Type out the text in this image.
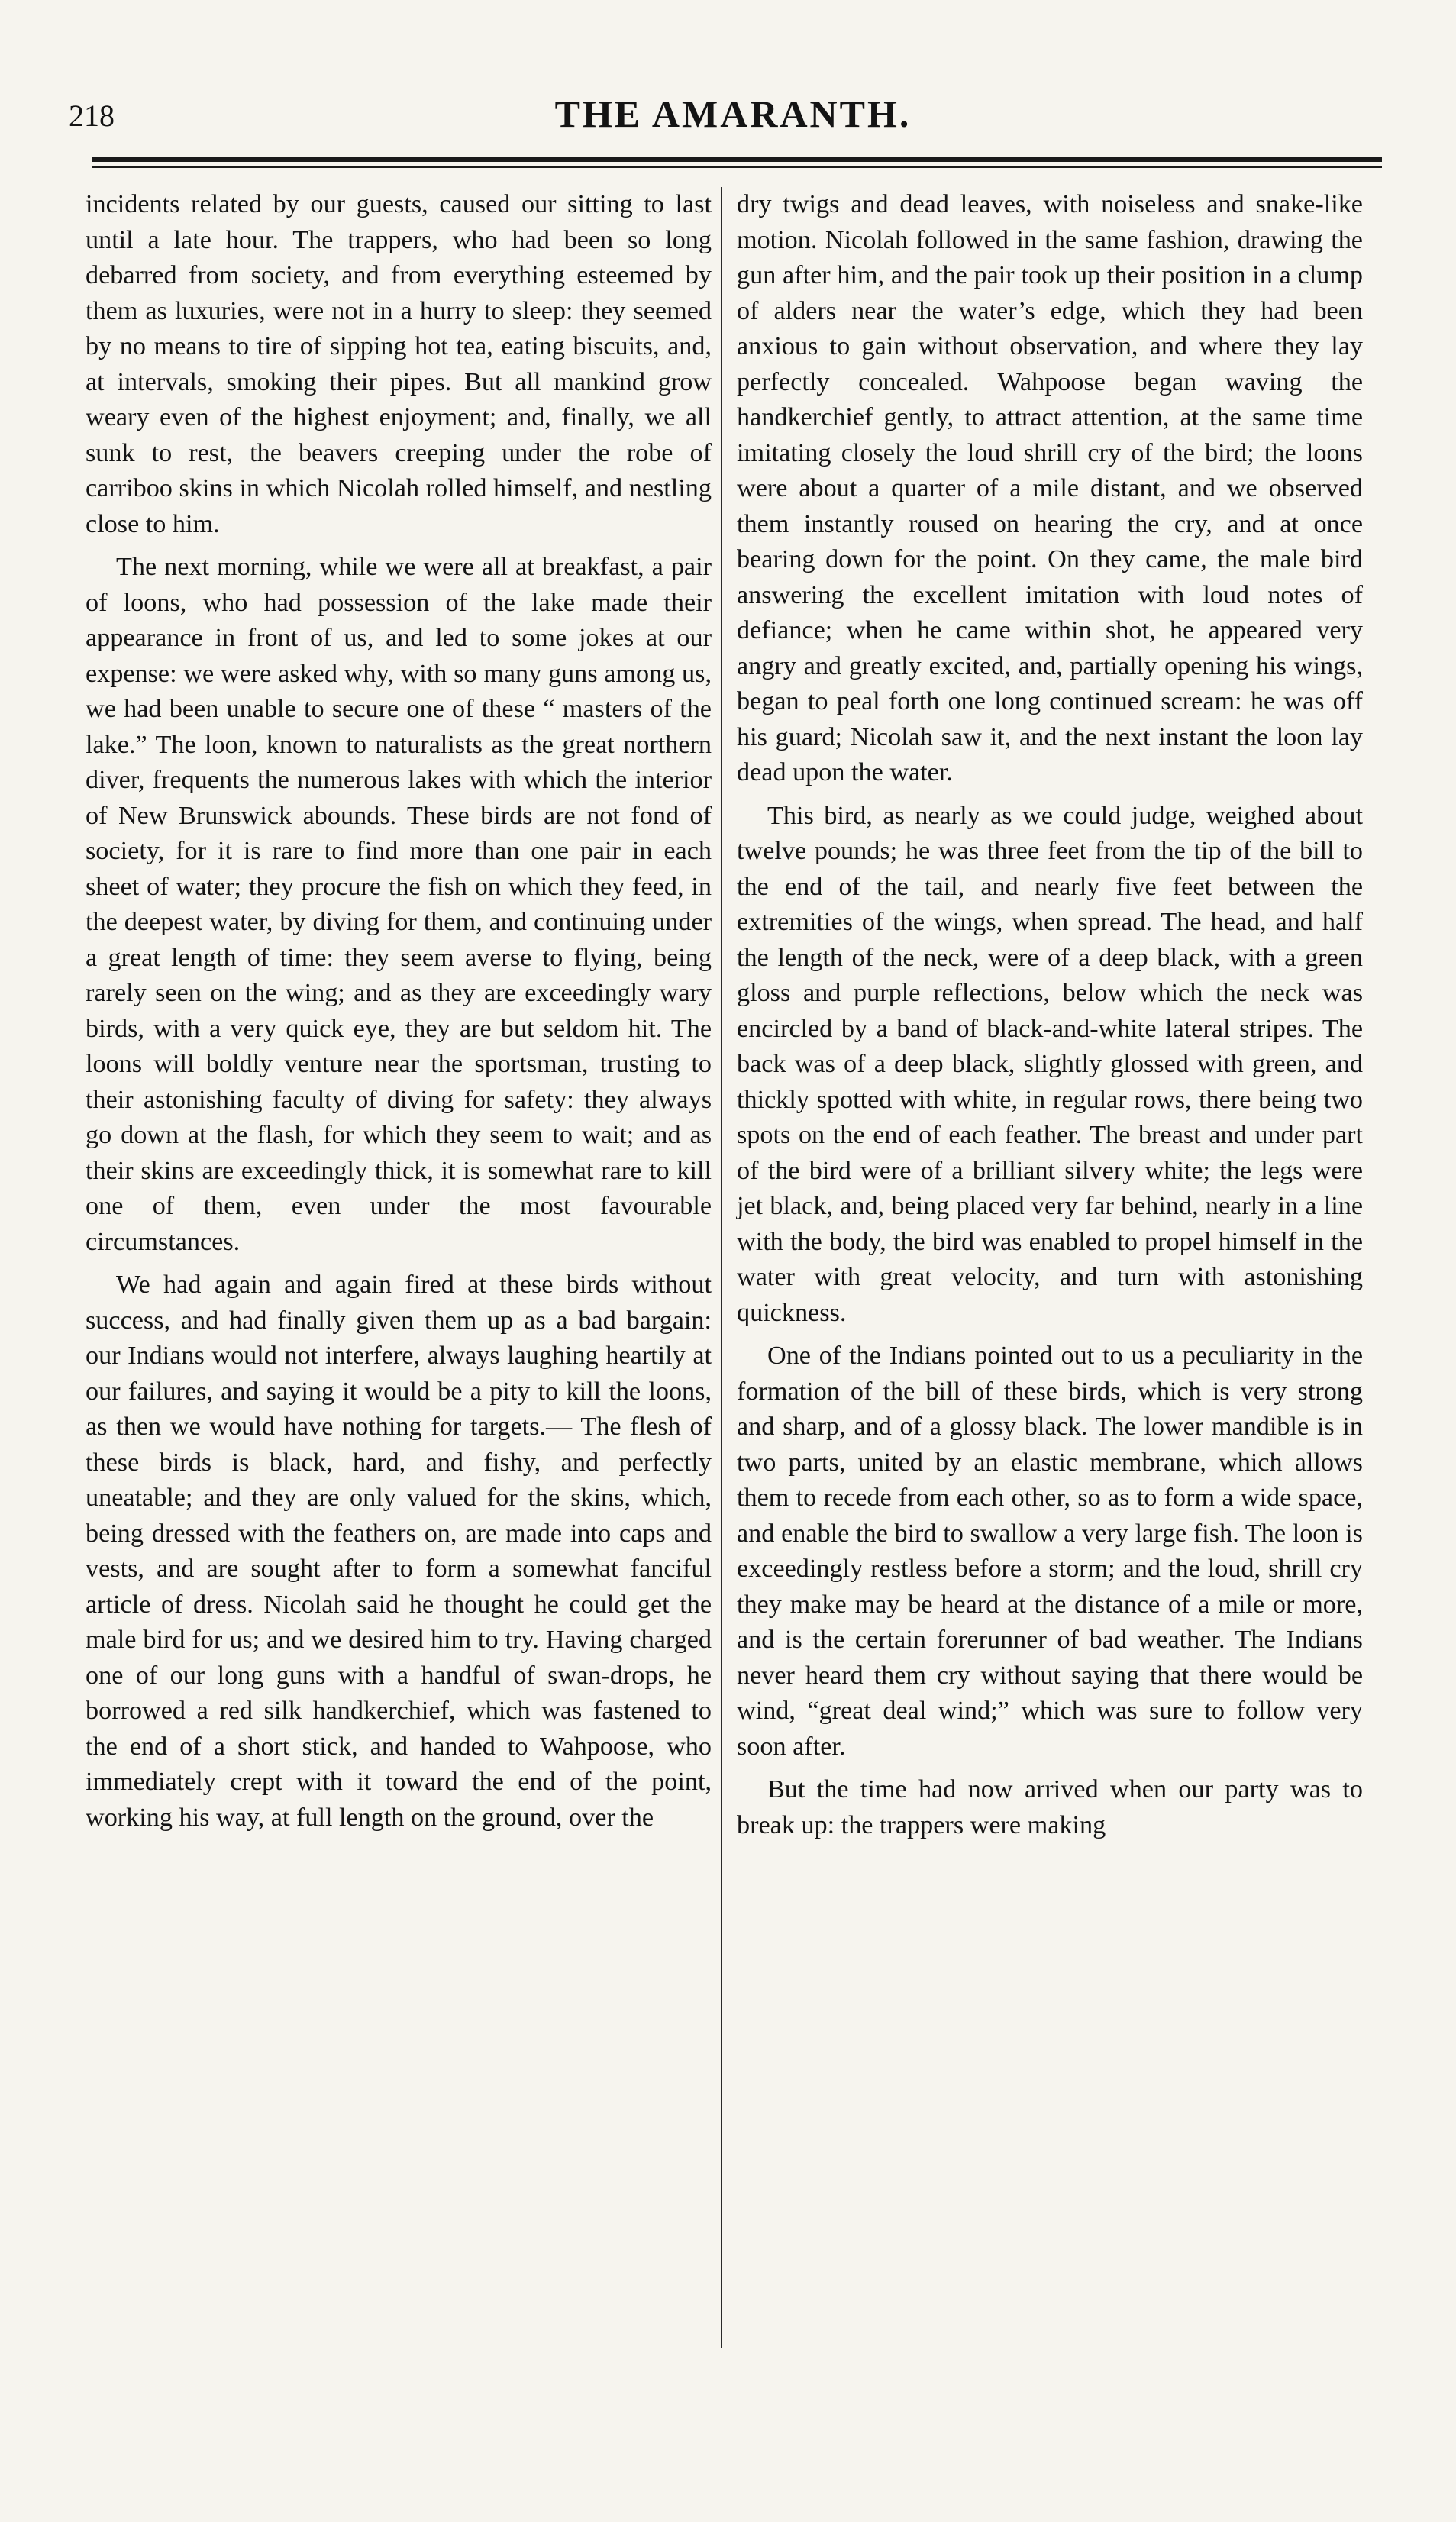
218	THE AMARANTH.

incidents related by our guests, caused our sitting to last until a late hour. The trappers, who had been so long debarred from society, and from everything esteemed by them as luxuries, were not in a hurry to sleep: they seemed by no means to tire of sipping hot tea, eating biscuits, and, at intervals, smoking their pipes. But all mankind grow weary even of the highest enjoyment; and, finally, we all sunk to rest, the beavers creeping under the robe of carriboo skins in which Nicolah rolled himself, and nestling close to him.

The next morning, while we were all at breakfast, a pair of loons, who had possession of the lake made their appearance in front of us, and led to some jokes at our expense: we were asked why, with so many guns among us, we had been unable to secure one of these “ masters of the lake.” The loon, known to naturalists as the great northern diver, frequents the numerous lakes with which the interior of New Brunswick abounds. These birds are not fond of society, for it is rare to find more than one pair in each sheet of water; they procure the fish on which they feed, in the deepest water, by diving for them, and continuing under a great length of time: they seem averse to flying, being rarely seen on the wing; and as they are exceedingly wary birds, with a very quick eye, they are but seldom hit. The loons will boldly venture near the sportsman, trusting to their astonishing faculty of diving for safety: they always go down at the flash, for which they seem to wait; and as their skins are exceedingly thick, it is somewhat rare to kill one of them, even under the most favourable circumstances.

We had again and again fired at these birds without success, and had finally given them up as a bad bargain: our Indians would not interfere, always laughing heartily at our failures, and saying it would be a pity to kill the loons, as then we would have nothing for targets.— The flesh of these birds is black, hard, and fishy, and perfectly uneatable; and they are only valued for the skins, which, being dressed with the feathers on, are made into caps and vests, and are sought after to form a somewhat fanciful article of dress. Nicolah said he thought he could get the male bird for us; and we desired him to try. Having charged one of our long guns with a handful of swan-drops, he borrowed a red silk handkerchief, which was fastened to the end of a short stick, and handed to Wahpoose, who immediately crept with it toward the end of the point, working his way, at full length on the ground, over the

dry twigs and dead leaves, with noiseless and snake-like motion. Nicolah followed in the same fashion, drawing the gun after him, and the pair took up their position in a clump of alders near the water’s edge, which they had been anxious to gain without observation, and where they lay perfectly concealed. Wahpoose began waving the handkerchief gently, to attract attention, at the same time imitating closely the loud shrill cry of the bird; the loons were about a quarter of a mile distant, and we observed them instantly roused on hearing the cry, and at once bearing down for the point. On they came, the male bird answering the excellent imitation with loud notes of defiance; when he came within shot, he appeared very angry and greatly excited, and, partially opening his wings, began to peal forth one long continued scream: he was off his guard; Nicolah saw it, and the next instant the loon lay dead upon the water.

This bird, as nearly as we could judge, weighed about twelve pounds; he was three feet from the tip of the bill to the end of the tail, and nearly five feet between the extremities of the wings, when spread. The head, and half the length of the neck, were of a deep black, with a green gloss and purple reflections, below which the neck was encircled by a band of black-and-white lateral stripes. The back was of a deep black, slightly glossed with green, and thickly spotted with white, in regular rows, there being two spots on the end of each feather. The breast and under part of the bird were of a brilliant silvery white; the legs were jet black, and, being placed very far behind, nearly in a line with the body, the bird was enabled to propel himself in the water with great velocity, and turn with astonishing quickness.

One of the Indians pointed out to us a peculiarity in the formation of the bill of these birds, which is very strong and sharp, and of a glossy black. The lower mandible is in two parts, united by an elastic membrane, which allows them to recede from each other, so as to form a wide space, and enable the bird to swallow a very large fish. The loon is exceedingly restless before a storm; and the loud, shrill cry they make may be heard at the distance of a mile or more, and is the certain forerunner of bad weather. The Indians never heard them cry without saying that there would be wind, “great deal wind;” which was sure to follow very soon after.

But the time had now arrived when our party was to break up: the trappers were making
